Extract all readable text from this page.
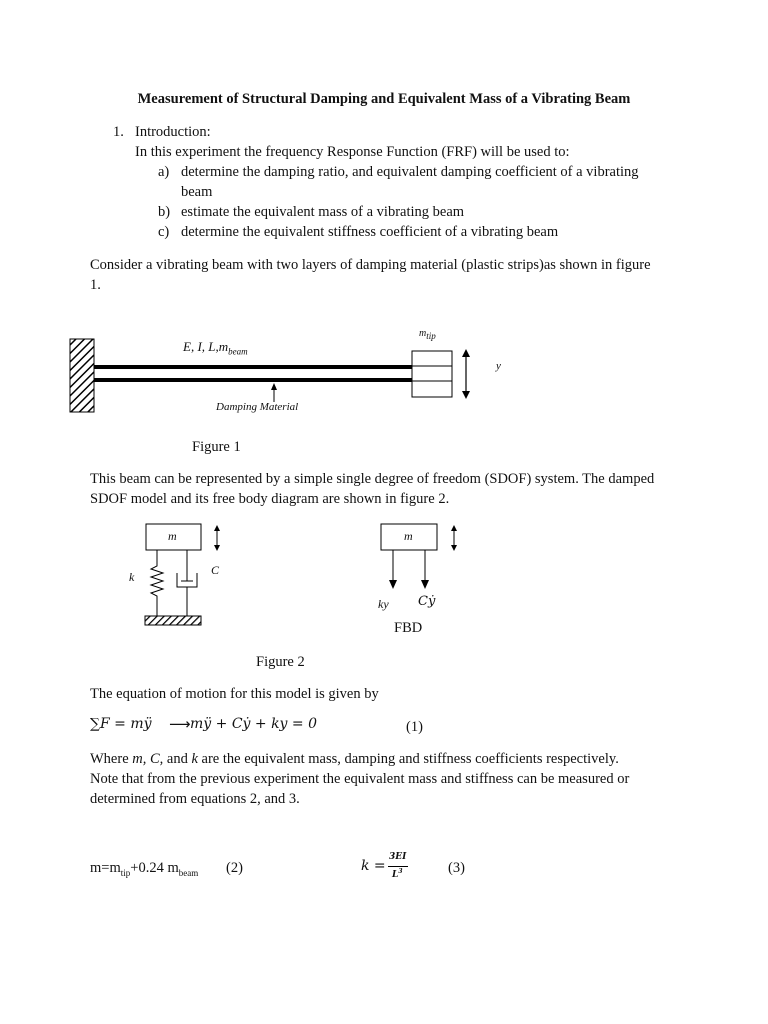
Measurement of Structural Damping and Equivalent Mass of a Vibrating Beam
1. Introduction:
In this experiment the frequency Response Function (FRF) will be used to:
a) determine the damping ratio, and equivalent damping coefficient of a vibrating
beam
b) estimate the equivalent mass of a vibrating beam
c) determine the equivalent stiffness coefficient of a vibrating beam
Consider a vibrating beam with two layers of damping material (plastic strips)as shown in figure
1.
E, I, $L,m_{beam}$
$m_{tip}$
y
Damping Material
Figure 1
This beam can be represented by a simple single degree of freedom (SDOF) system. The damped
SDOF model and its free body diagram are shown in figure 2.
m
k	C
m
ky Cẏ
FBD
Figure 2
The equation of motion for this model is given by
∑F = mÿ ⟶ mÿ + Cẏ + ky = 0	(1)
Where m, C, and k are the equivalent mass, damping and stiffness coefficients respectively.
Note that from the previous experiment the equivalent mass and stiffness can be measured or
determined from equations 2, and 3.
$m=m_{tip}+0.24$ $m_{beam}$ (2)	k =
3EI
$L^3$	(3)
